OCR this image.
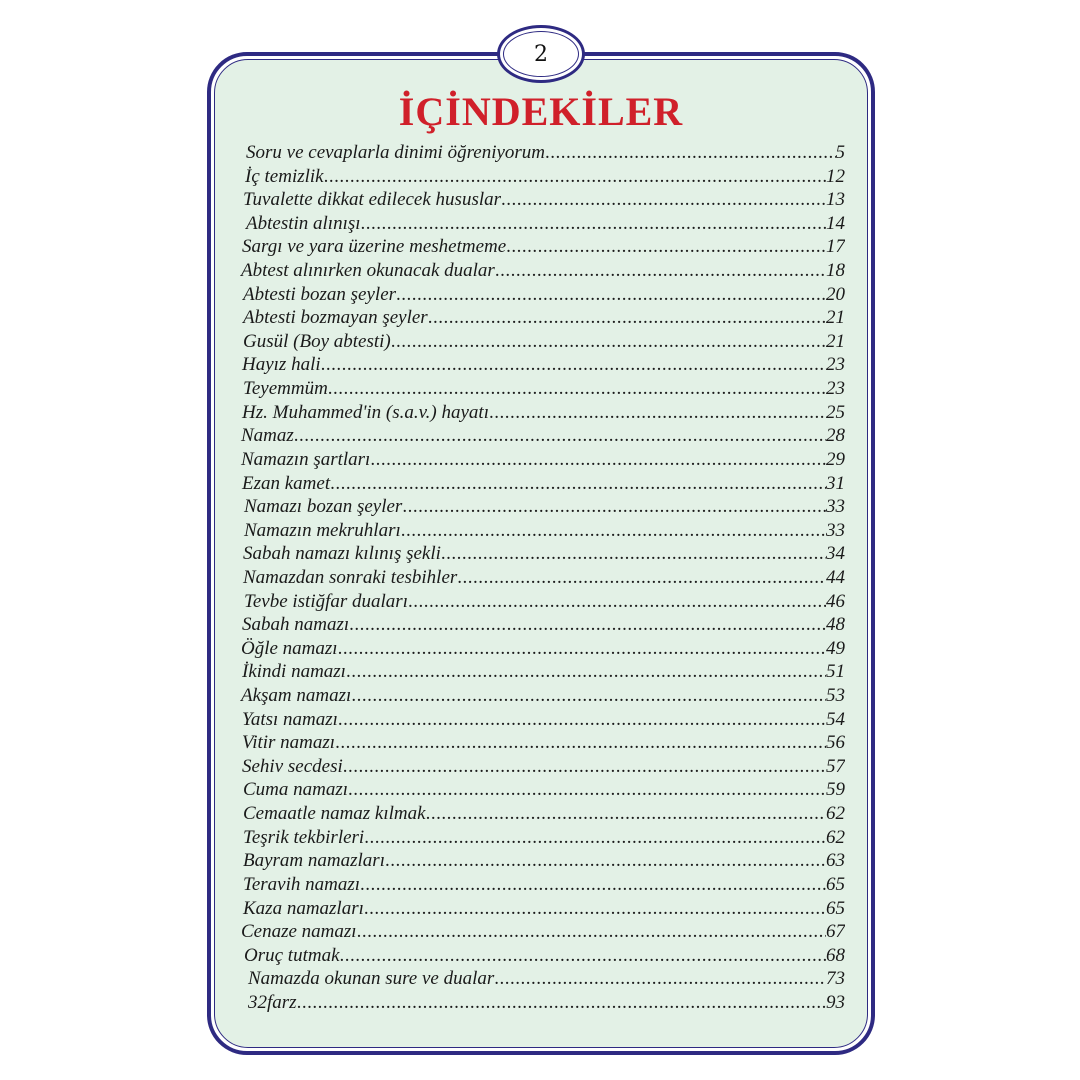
2
İÇİNDEKİLER
Soru ve cevaplarla dinimi öğreniyorum .....	5
İç temizlik .....	12
Tuvalette dikkat edilecek hususlar .....	13
Abtestin alınışı .....	14
Sargı ve yara üzerine meshetmeme .....	17
Abtest alınırken okunacak dualar .....	18
Abtesti bozan şeyler .....	20
Abtesti bozmayan şeyler .....	21
Gusül (Boy abtesti) .....	21
Hayız hali .....	23
Teyemmüm .....	23
Hz. Muhammed'in (s.a.v.) hayatı .....	25
Namaz .....	28
Namazın şartları .....	29
Ezan kamet .....	31
Namazı bozan şeyler .....	33
Namazın mekruhları .....	33
Sabah namazı kılınış şekli .....	34
Namazdan sonraki tesbihler .....	44
Tevbe istiğfar duaları .....	46
Sabah namazı .....	48
Öğle namazı .....	49
İkindi namazı .....	51
Akşam namazı .....	53
Yatsı namazı .....	54
Vitir namazı .....	56
Sehiv secdesi .....	57
Cuma namazı .....	59
Cemaatle namaz kılmak .....	62
Teşrik tekbirleri .....	62
Bayram namazları .....	63
Teravih namazı .....	65
Kaza namazları .....	65
Cenaze namazı .....	67
Oruç tutmak .....	68
Namazda okunan sure ve dualar .....	73
32farz .....	93
